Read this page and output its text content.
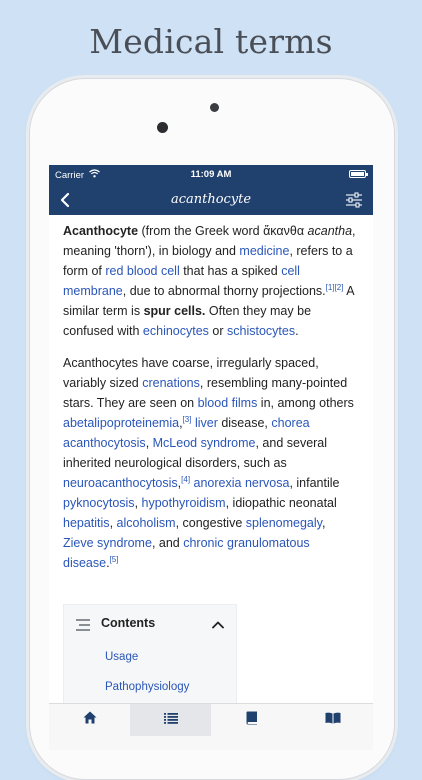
Medical terms
Carrier	11:09 AM
acanthocyte

Acanthocyte (from the Greek word ἄκανθα acantha, meaning 'thorn'), in biology and medicine, refers to a form of red blood cell that has a spiked cell membrane, due to abnormal thorny projections.[1][2] A similar term is spur cells. Often they may be confused with echinocytes or schistocytes.

Acanthocytes have coarse, irregularly spaced, variably sized crenations, resembling many-pointed stars. They are seen on blood films in, among others abetalipoproteinemia,[3] liver disease, chorea acanthocytosis, McLeod syndrome, and several inherited neurological disorders, such as neuroacanthocytosis,[4] anorexia nervosa, infantile pyknocytosis, hypothyroidism, idiopathic neonatal hepatitis, alcoholism, congestive splenomegaly, Zieve syndrome, and chronic granulomatous disease.[5]

Contents
Usage
Pathophysiology
